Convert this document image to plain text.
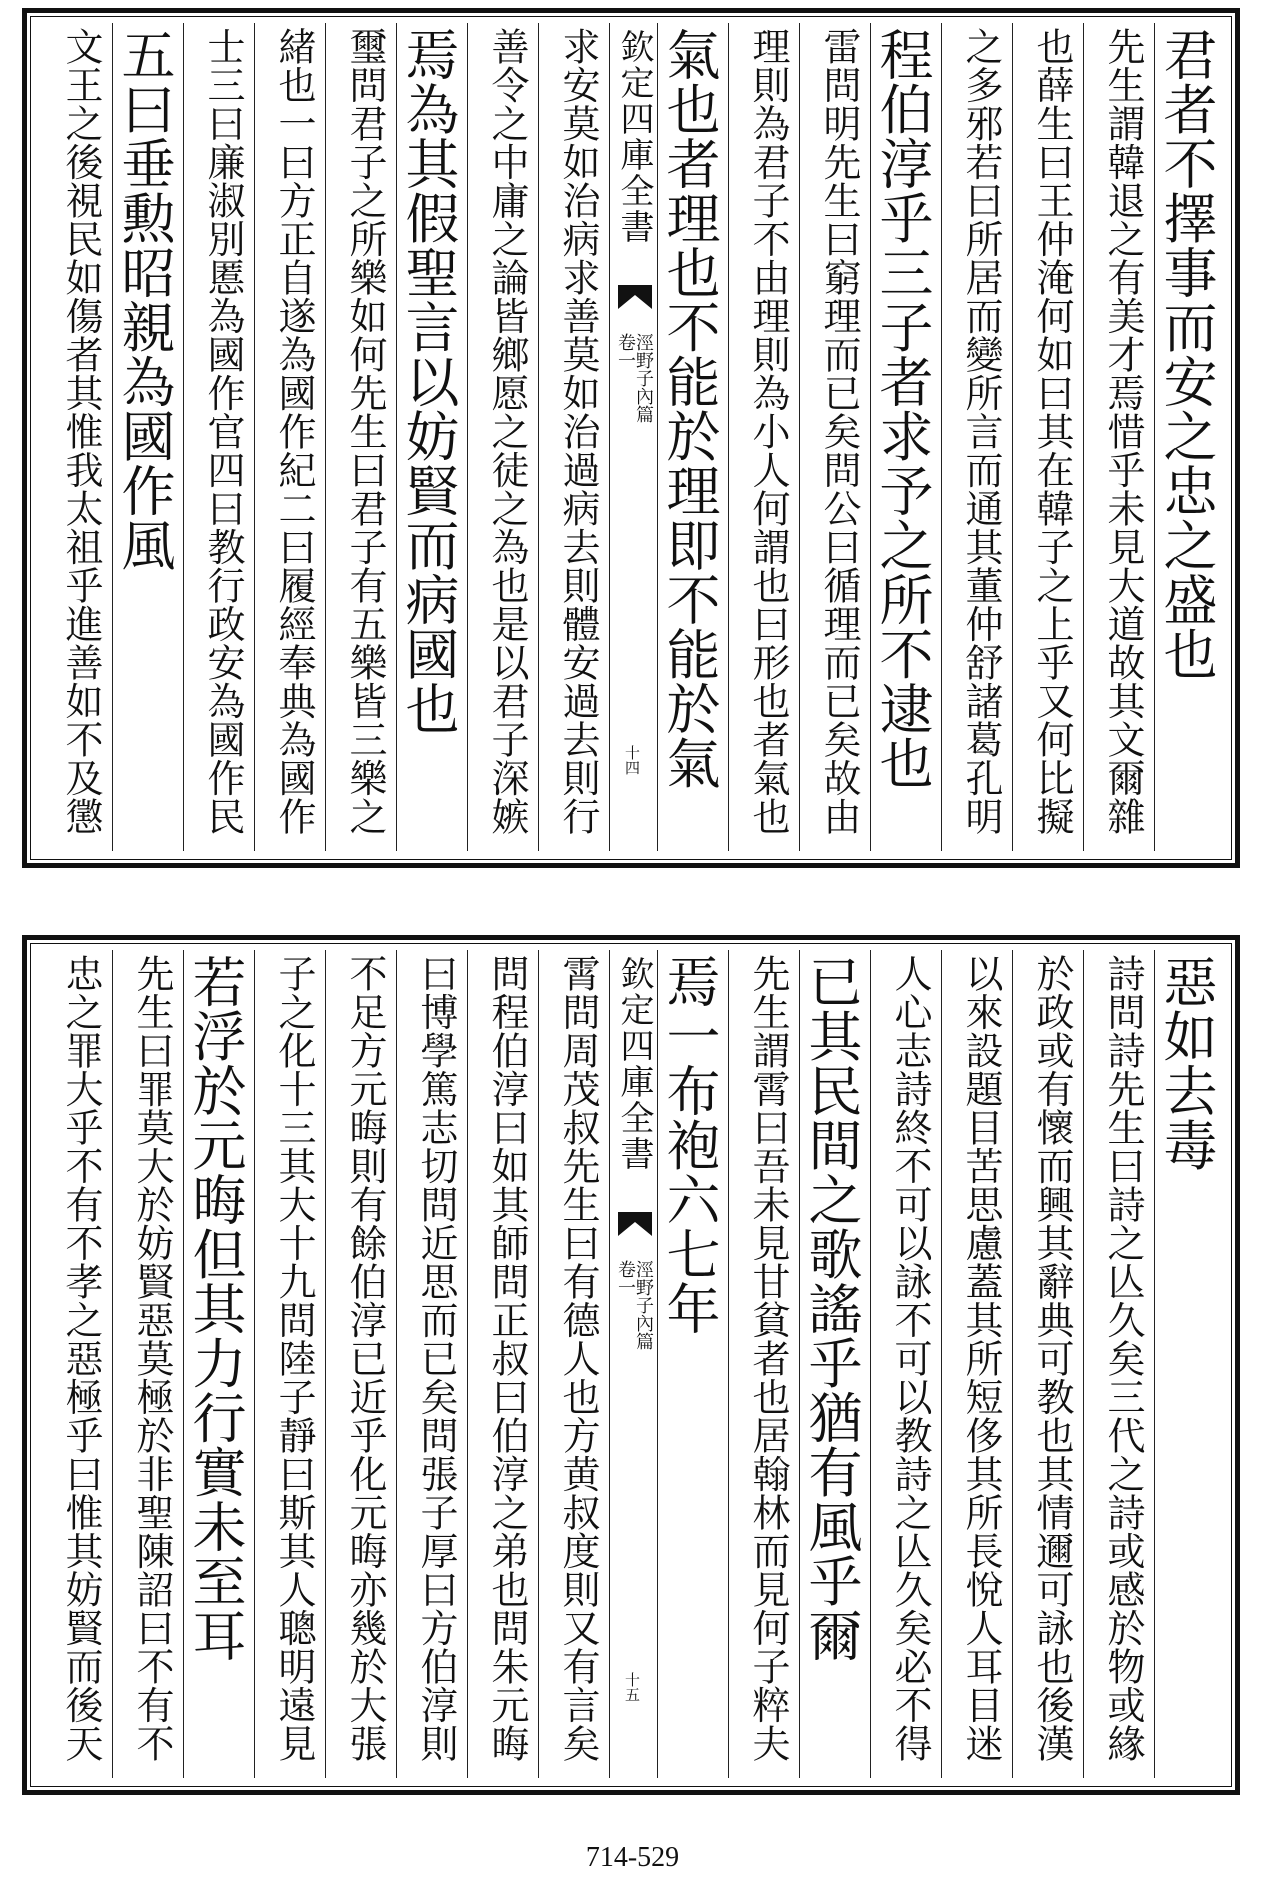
君者不擇事而安之忠之盛也
先生謂韓退之有美才焉惜乎未見大道故其文爾雜
也薛生曰王仲淹何如曰其在韓子之上乎又何比擬
之多邪若曰所居而變所言而通其董仲舒諸葛孔明
程伯淳乎三子者求予之所不逮也
雷問明先生曰窮理而已矣問公曰循理而已矣故由
理則為君子不由理則為小人何謂也曰形也者氣也
氣也者理也不能於理即不能於氣
欽定四庫全書
涇野子內篇
卷一
十四
求安莫如治病求善莫如治過病去則體安過去則行
善令之中庸之論皆鄉愿之徒之為也是以君子深嫉
焉為其假聖言以妨賢而病國也
璽問君子之所樂如何先生曰君子有五樂皆三樂之
緒也一曰方正自遂為國作紀二曰履經奉典為國作
士三曰廉淑別慝為國作官四曰教行政安為國作民
五曰垂勲昭親為國作風
文王之後視民如傷者其惟我太祖乎進善如不及懲
惡如去毒
詩問詩先生曰詩之亾久矣三代之詩或感於物或緣
於政或有懷而興其辭典可教也其情邇可詠也後漢
以來設題目苦思慮蓋其所短侈其所長悅人耳目迷
人心志詩終不可以詠不可以教詩之亾久矣必不得
已其民間之歌謠乎猶有風乎爾
先生謂霄曰吾未見甘貧者也居翰林而見何子粹夫
焉一布袍六七年
欽定四庫全書
涇野子內篇
卷一
十五
霄問周茂叔先生曰有德人也方黄叔度則又有言矣
問程伯淳曰如其師問正叔曰伯淳之弟也問朱元晦
曰博學篤志切問近思而已矣問張子厚曰方伯淳則
不足方元晦則有餘伯淳已近乎化元晦亦幾於大張
子之化十三其大十九問陸子靜曰斯其人聰明遠見
若浮於元晦但其力行實未至耳
先生曰罪莫大於妨賢惡莫極於非聖陳詔曰不有不
忠之罪大乎不有不孝之惡極乎曰惟其妨賢而後天
714-529
